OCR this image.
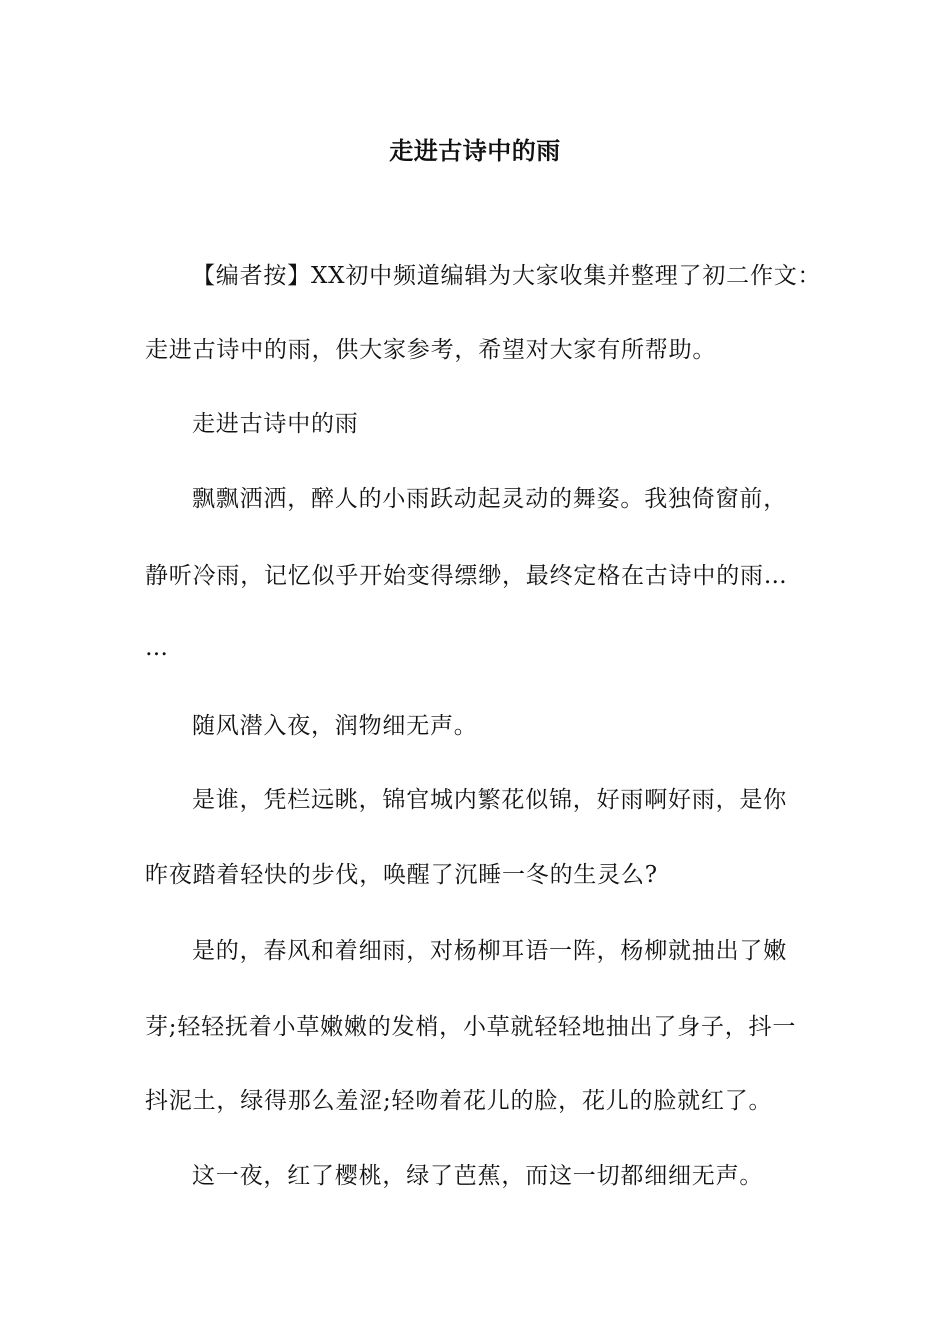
走进古诗中的雨
【编者按】XX初中频道编辑为大家收集并整理了初二作文：
走进古诗中的雨，供大家参考，希望对大家有所帮助。
走进古诗中的雨
飘飘洒洒，醉人的小雨跃动起灵动的舞姿。我独倚窗前，
静听冷雨，记忆似乎开始变得缥缈，最终定格在古诗中的雨…
…
随风潜入夜，润物细无声。
是谁，凭栏远眺，锦官城内繁花似锦，好雨啊好雨，是你
昨夜踏着轻快的步伐，唤醒了沉睡一冬的生灵么?
是的，春风和着细雨，对杨柳耳语一阵，杨柳就抽出了嫩
芽;轻轻抚着小草嫩嫩的发梢，小草就轻轻地抽出了身子，抖一
抖泥土，绿得那么羞涩;轻吻着花儿的脸，花儿的脸就红了。
这一夜，红了樱桃，绿了芭蕉，而这一切都细细无声。
